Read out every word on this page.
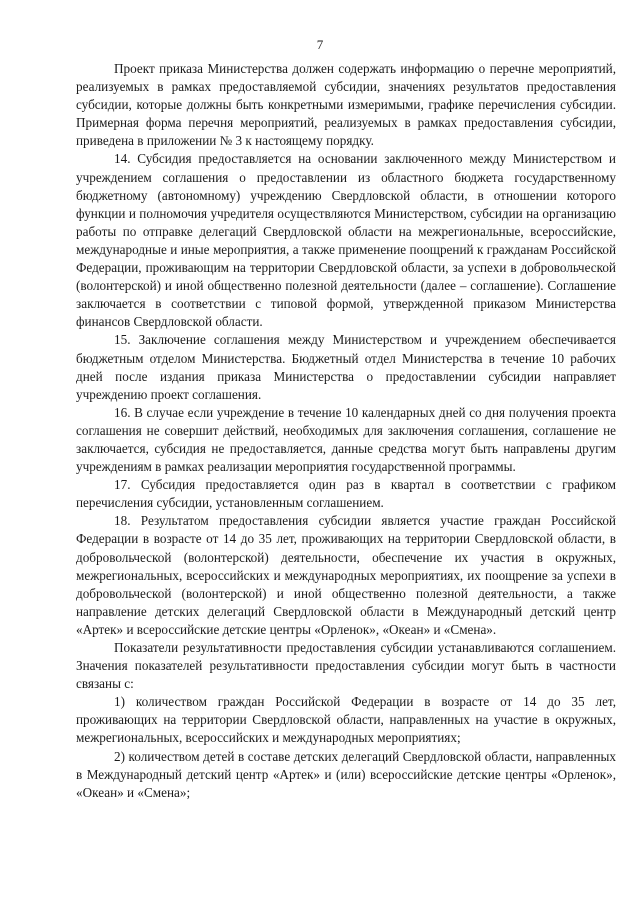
7

Проект приказа Министерства должен содержать информацию о перечне мероприятий, реализуемых в рамках предоставляемой субсидии, значениях результатов предоставления субсидии, которые должны быть конкретными измеримыми, графике перечисления субсидии. Примерная форма перечня мероприятий, реализуемых в рамках предоставления субсидии, приведена в приложении № 3 к настоящему порядку.

14. Субсидия предоставляется на основании заключенного между Министерством и учреждением соглашения о предоставлении из областного бюджета государственному бюджетному (автономному) учреждению Свердловской области, в отношении которого функции и полномочия учредителя осуществляются Министерством, субсидии на организацию работы по отправке делегаций Свердловской области на межрегиональные, всероссийские, международные и иные мероприятия, а также применение поощрений к гражданам Российской Федерации, проживающим на территории Свердловской области, за успехи в добровольческой (волонтерской) и иной общественно полезной деятельности (далее – соглашение). Соглашение заключается в соответствии с типовой формой, утвержденной приказом Министерства финансов Свердловской области.

15. Заключение соглашения между Министерством и учреждением обеспечивается бюджетным отделом Министерства. Бюджетный отдел Министерства в течение 10 рабочих дней после издания приказа Министерства о предоставлении субсидии направляет учреждению проект соглашения.

16. В случае если учреждение в течение 10 календарных дней со дня получения проекта соглашения не совершит действий, необходимых для заключения соглашения, соглашение не заключается, субсидия не предоставляется, данные средства могут быть направлены другим учреждениям в рамках реализации мероприятия государственной программы.

17. Субсидия предоставляется один раз в квартал в соответствии с графиком перечисления субсидии, установленным соглашением.

18. Результатом предоставления субсидии является участие граждан Российской Федерации в возрасте от 14 до 35 лет, проживающих на территории Свердловской области, в добровольческой (волонтерской) деятельности, обеспечение их участия в окружных, межрегиональных, всероссийских и международных мероприятиях, их поощрение за успехи в добровольческой (волонтерской) и иной общественно полезной деятельности, а также направление детских делегаций Свердловской области в Международный детский центр «Артек» и всероссийские детские центры «Орленок», «Океан» и «Смена».

Показатели результативности предоставления субсидии устанавливаются соглашением. Значения показателей результативности предоставления субсидии могут быть в частности связаны с:

1) количеством граждан Российской Федерации в возрасте от 14 до 35 лет, проживающих на территории Свердловской области, направленных на участие в окружных, межрегиональных, всероссийских и международных мероприятиях;

2) количеством детей в составе детских делегаций Свердловской области, направленных в Международный детский центр «Артек» и (или) всероссийские детские центры «Орленок», «Океан» и «Смена»;
